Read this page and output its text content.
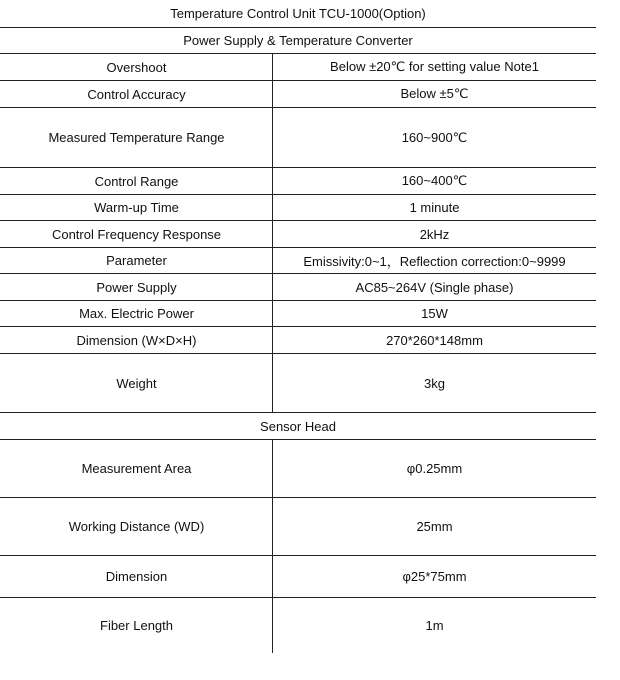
Temperature Control Unit TCU-1000(Option)
Power Supply & Temperature Converter
Overshoot	Below ±20℃ for setting value Note1
Control Accuracy	Below ±5℃
Measured Temperature Range	160~900℃
Control Range	160~400℃
Warm-up Time	1 minute
Control Frequency Response	2kHz
Parameter	Emissivity:0~1，Reflection correction:0~9999
Power Supply	AC85~264V (Single phase)
Max. Electric Power	15W
Dimension (W×D×H)	270*260*148mm
Weight	3kg
Sensor Head
Measurement Area	φ0.25mm
Working Distance (WD)	25mm
Dimension	φ25*75mm
Fiber Length	1m
